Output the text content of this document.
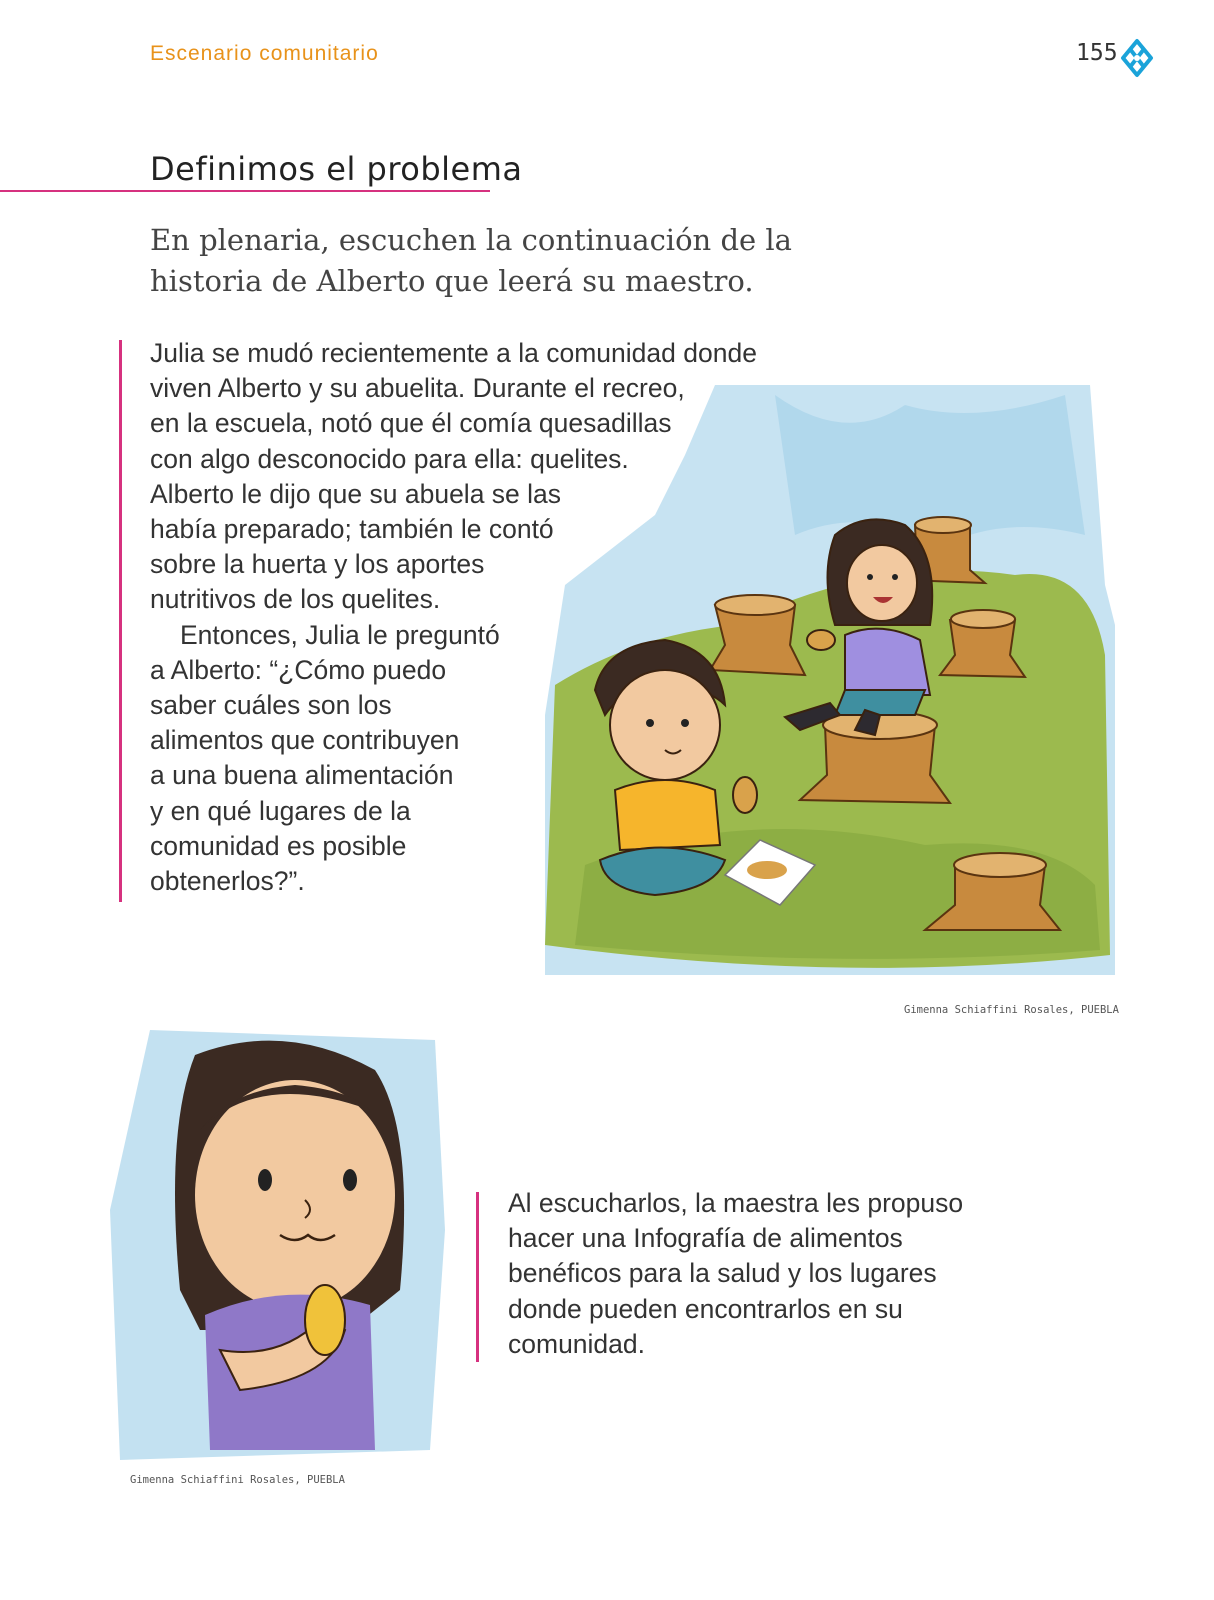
Escenario comunitario	155
Definimos el problema
En plenaria, escuchen la continuación de la historia de Alberto que leerá su maestro.
Julia se mudó recientemente a la comunidad donde
viven Alberto y su abuelita. Durante el recreo,
en la escuela, notó que él comía quesadillas
con algo desconocido para ella: quelites.
Alberto le dijo que su abuela se las
había preparado; también le contó
sobre la huerta y los aportes
nutritivos de los quelites.
Entonces, Julia le preguntó
a Alberto: “¿Cómo puedo
saber cuáles son los
alimentos que contribuyen
a una buena alimentación
y en qué lugares de la
comunidad es posible
obtenerlos?”.
Gimenna Schiaffini Rosales, PUEBLA
Gimenna Schiaffini Rosales, PUEBLA
Al escucharlos, la maestra les propuso
hacer una Infografía de alimentos
benéficos para la salud y los lugares
donde pueden encontrarlos en su
comunidad.
